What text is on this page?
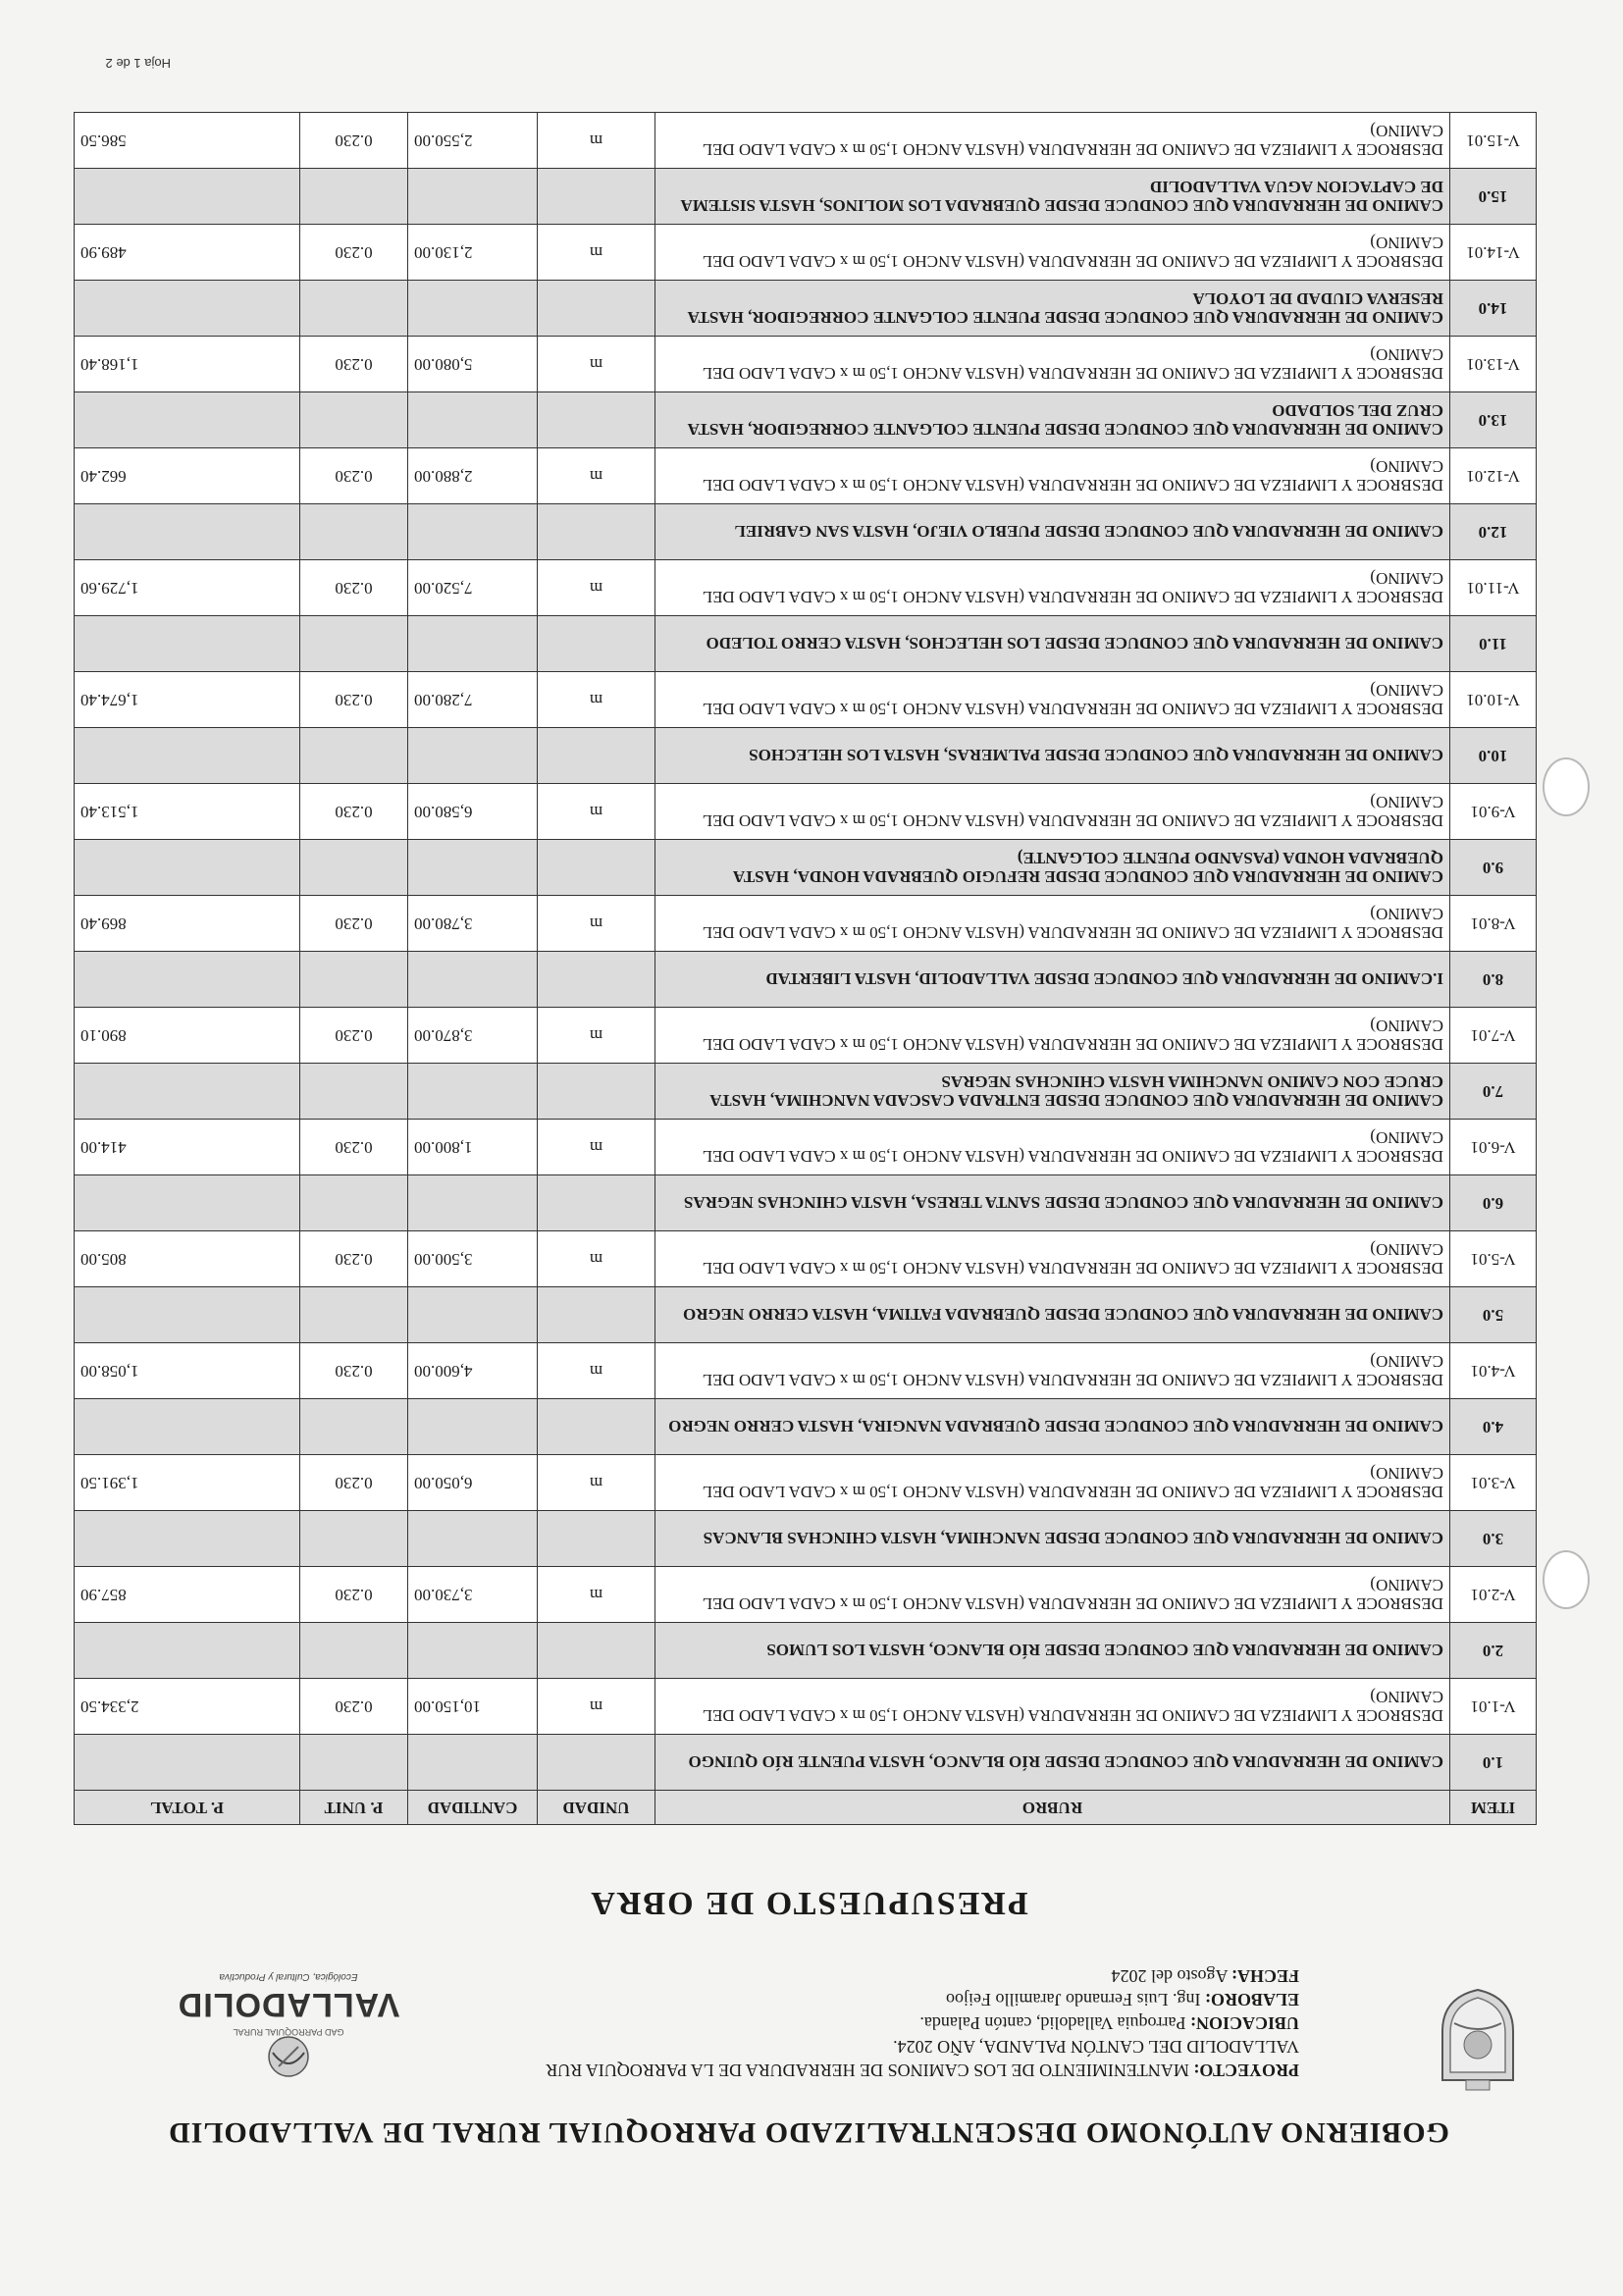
GOBIERNO AUTÓNOMO DESCENTRALIZADO PARROQUIAL RURAL DE VALLADOLID

PROYECTO: MANTENIMIENTO DE LOS CAMINOS DE HERRADURA DE LA PARROQUIA RUR VALLADOLID DEL CANTÓN PALANDA, AÑO 2024.

UBICACION: Parroquia Valladolid, cantón Palanda.

ELABORO: Ing. Luis Fernando Jaramillo Feijoo

FECHA: Agosto del 2024

GAD PARROQUIAL RURAL
VALLADOLID
Ecológica, Cultural y Productiva
PRESUPUESTO DE OBRA
ITEM	RUBRO	UNIDAD	CANTIDAD	P. UNIT	P. TOTAL
1.0	CAMINO DE HERRADURA QUE CONDUCE DESDE RÍO BLANCO, HASTA PUENTE RÍO QUINGO				
V-1.01	DESBROCE Y LIMPIEZA DE CAMINO DE HERRADURA (HASTA ANCHO 1,50 m x CADA LADO DEL CAMINO)	m	10,150.00	0.230	2,334.50
2.0	CAMINO DE HERRADURA QUE CONDUCE DESDE RÍO BLANCO, HASTA LOS LUMOS				
V-2.01	DESBROCE Y LIMPIEZA DE CAMINO DE HERRADURA (HASTA ANCHO 1,50 m x CADA LADO DEL CAMINO)	m	3,730.00	0.230	857.90
3.0	CAMINO DE HERRADURA QUE CONDUCE DESDE NANCHIMA, HASTA CHINCHAS BLANCAS				
V-3.01	DESBROCE Y LIMPIEZA DE CAMINO DE HERRADURA (HASTA ANCHO 1,50 m x CADA LADO DEL CAMINO)	m	6,050.00	0.230	1,391.50
4.0	CAMINO DE HERRADURA QUE CONDUCE DESDE QUEBRADA NANGIRA, HASTA CERRO NEGRO				
V-4.01	DESBROCE Y LIMPIEZA DE CAMINO DE HERRADURA (HASTA ANCHO 1,50 m x CADA LADO DEL CAMINO)	m	4,600.00	0.230	1,058.00
5.0	CAMINO DE HERRADURA QUE CONDUCE DESDE QUEBRADA FATIMA, HASTA CERRO NEGRO				
V-5.01	DESBROCE Y LIMPIEZA DE CAMINO DE HERRADURA (HASTA ANCHO 1,50 m x CADA LADO DEL CAMINO)	m	3,500.00	0.230	805.00
6.0	CAMINO DE HERRADURA QUE CONDUCE DESDE SANTA TERESA, HASTA CHINCHAS NEGRAS				
V-6.01	DESBROCE Y LIMPIEZA DE CAMINO DE HERRADURA (HASTA ANCHO 1,50 m x CADA LADO DEL CAMINO)	m	1,800.00	0.230	414.00
7.0	CAMINO DE HERRADURA QUE CONDUCE DESDE ENTRADA CASCADA NANCHIMA, HASTA CRUCE CON CAMINO NANCHIMA HASTA CHINCHAS NEGRAS				
V-7.01	DESBROCE Y LIMPIEZA DE CAMINO DE HERRADURA (HASTA ANCHO 1,50 m x CADA LADO DEL CAMINO)	m	3,870.00	0.230	890.10
8.0	I.CAMINO DE HERRADURA QUE CONDUCE DESDE VALLADOLID, HASTA LIBERTAD				
V-8.01	DESBROCE Y LIMPIEZA DE CAMINO DE HERRADURA (HASTA ANCHO 1,50 m x CADA LADO DEL CAMINO)	m	3,780.00	0.230	869.40
9.0	CAMINO DE HERRADURA QUE CONDUCE DESDE REFUGIO QUEBRADA HONDA, HASTA QUEBRADA HONDA (PASANDO PUENTE COLGANTE)				
V-9.01	DESBROCE Y LIMPIEZA DE CAMINO DE HERRADURA (HASTA ANCHO 1,50 m x CADA LADO DEL CAMINO)	m	6,580.00	0.230	1,513.40
10.0	CAMINO DE HERRADURA QUE CONDUCE DESDE PALMERAS, HASTA LOS HELECHOS				
V-10.01	DESBROCE Y LIMPIEZA DE CAMINO DE HERRADURA (HASTA ANCHO 1,50 m x CADA LADO DEL CAMINO)	m	7,280.00	0.230	1,674.40
11.0	CAMINO DE HERRADURA QUE CONDUCE DESDE LOS HELECHOS, HASTA CERRO TOLEDO				
V-11.01	DESBROCE Y LIMPIEZA DE CAMINO DE HERRADURA (HASTA ANCHO 1,50 m x CADA LADO DEL CAMINO)	m	7,520.00	0.230	1,729.60
12.0	CAMINO DE HERRADURA QUE CONDUCE DESDE PUEBLO VIEJO, HASTA SAN GABRIEL				
V-12.01	DESBROCE Y LIMPIEZA DE CAMINO DE HERRADURA (HASTA ANCHO 1,50 m x CADA LADO DEL CAMINO)	m	2,880.00	0.230	662.40
13.0	CAMINO DE HERRADURA QUE CONDUCE DESDE PUENTE COLGANTE CORREGIDOR, HASTA CRUZ DEL SOLDADO				
V-13.01	DESBROCE Y LIMPIEZA DE CAMINO DE HERRADURA (HASTA ANCHO 1,50 m x CADA LADO DEL CAMINO)	m	5,080.00	0.230	1,168.40
14.0	CAMINO DE HERRADURA QUE CONDUCE DESDE PUENTE COLGANTE CORREGIDOR, HASTA RESERVA CIUDAD DE LOYOLA				
V-14.01	DESBROCE Y LIMPIEZA DE CAMINO DE HERRADURA (HASTA ANCHO 1,50 m x CADA LADO DEL CAMINO)	m	2,130.00	0.230	489.90
15.0	CAMINO DE HERRADURA QUE CONDUCE DESDE QUEBRADA LOS MOLINOS, HASTA SISTEMA DE CAPTACION AGUA VALLADOLID				
V-15.01	DESBROCE Y LIMPIEZA DE CAMINO DE HERRADURA (HASTA ANCHO 1,50 m x CADA LADO DEL CAMINO)	m	2,550.00	0.230	586.50
Hoja 1 de 2
